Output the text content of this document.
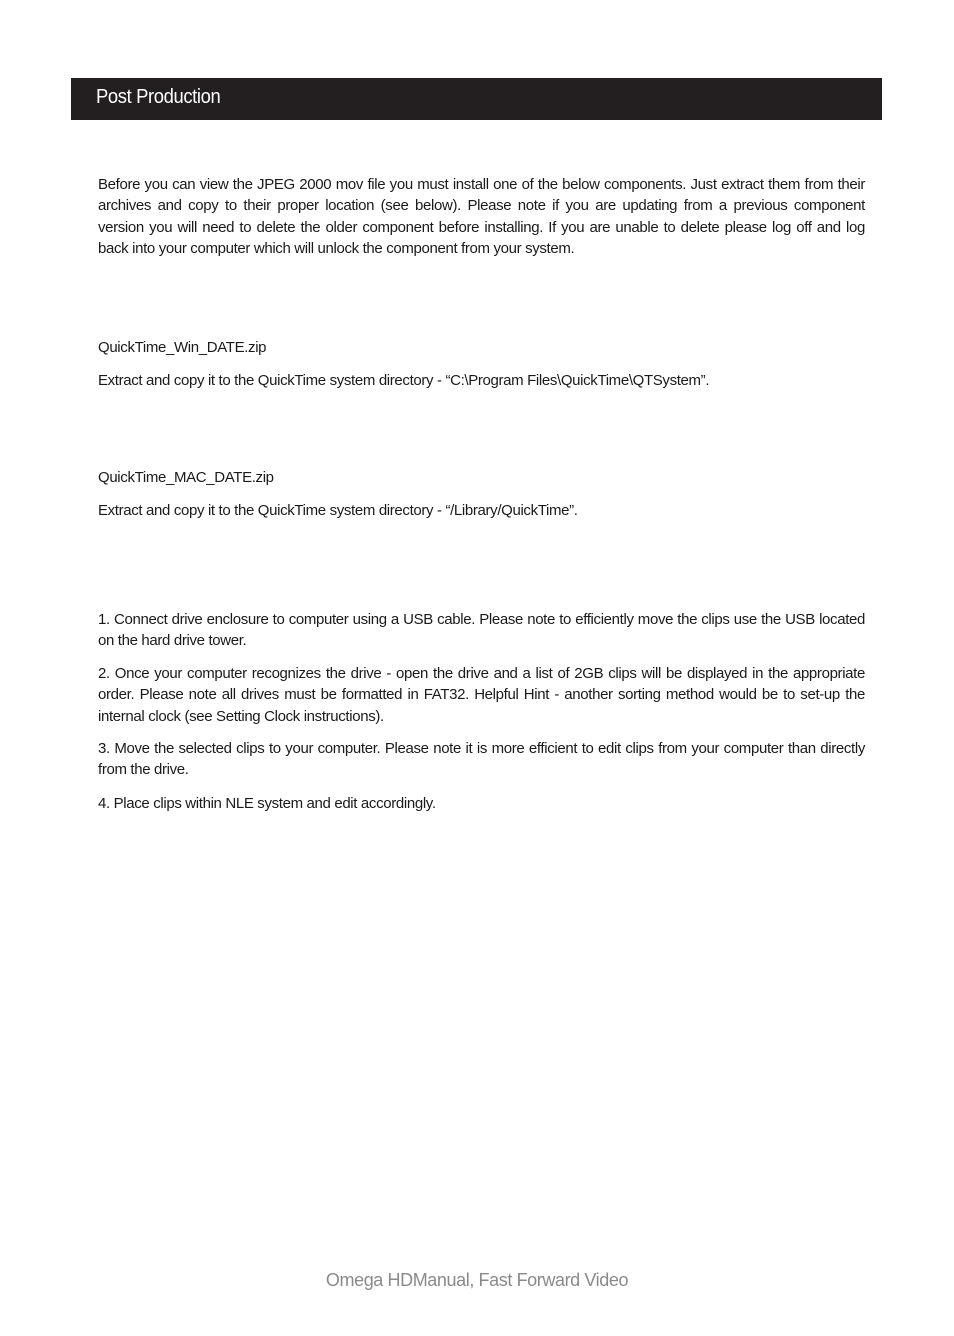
Post Production
Before you can view the JPEG 2000 mov file you must install one of the below components. Just extract them from their archives and copy to their proper location (see below). Please note if you are updating from a previous component version you will need to delete the older component before installing. If you are unable to delete please log off and log back into your computer which will unlock the component from your system.
QuickTime_Win_DATE.zip
Extract and copy it to the QuickTime system directory - “C:\Program Files\QuickTime\QTSystem”.
QuickTime_MAC_DATE.zip
Extract and copy it to the QuickTime system directory - “/Library/QuickTime”.
1. Connect drive enclosure to computer using a USB cable. Please note to efficiently move the clips use the USB located on the hard drive tower.
2. Once your computer recognizes the drive - open the drive and a list of 2GB clips will be displayed in the appropriate order. Please note all drives must be formatted in FAT32. Helpful Hint - another sorting method would be to set-up the internal clock (see Setting Clock instructions).
3. Move the selected clips to your computer. Please note it is more efficient to edit clips from your computer than directly from the drive.
4. Place clips within NLE system and edit accordingly.
Omega HDManual, Fast Forward Video
